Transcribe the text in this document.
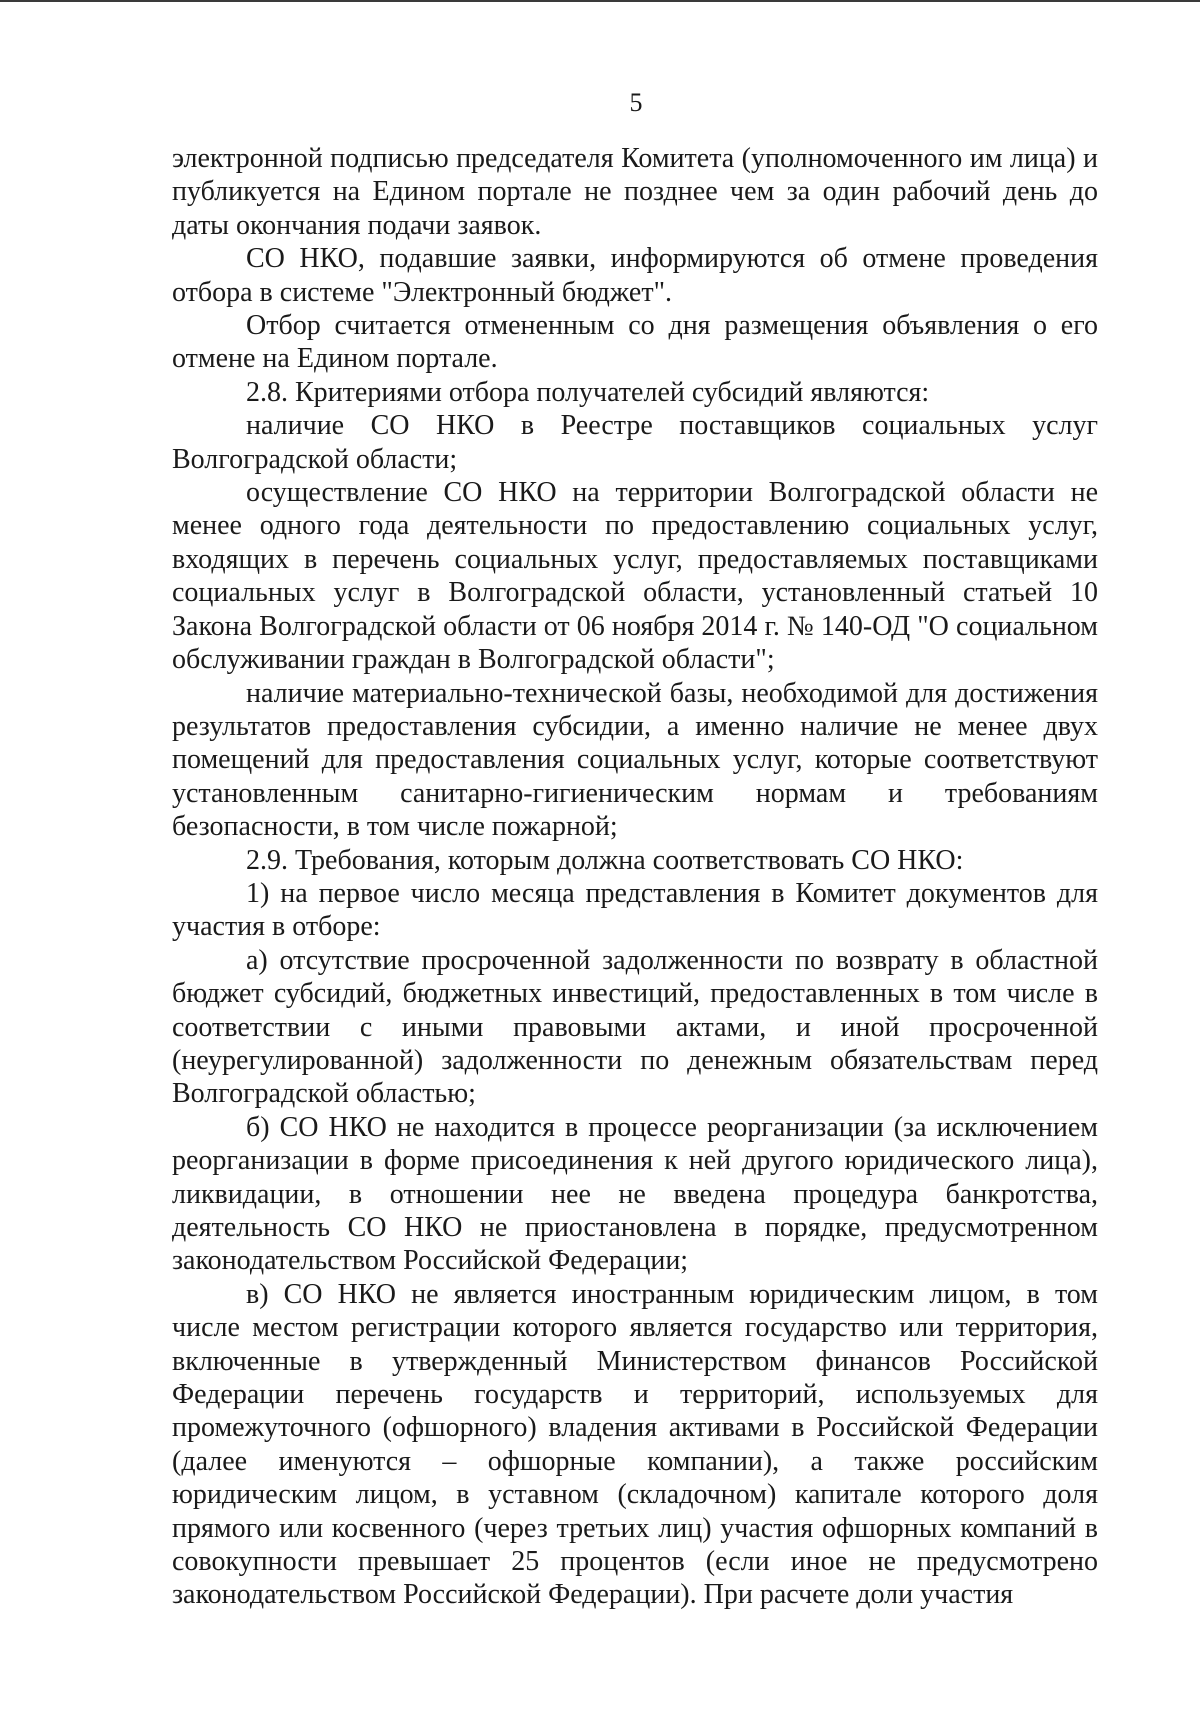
5

электронной подписью председателя Комитета (уполномоченного им лица) и публикуется на Едином портале не позднее чем за один рабочий день до даты окончания подачи заявок.

СО НКО, подавшие заявки, информируются об отмене проведения отбора в системе "Электронный бюджет".

Отбор считается отмененным со дня размещения объявления о его отмене на Едином портале.

2.8. Критериями отбора получателей субсидий являются:

наличие СО НКО в Реестре поставщиков социальных услуг Волгоградской области;

осуществление СО НКО на территории Волгоградской области не менее одного года деятельности по предоставлению социальных услуг, входящих в перечень социальных услуг, предоставляемых поставщиками социальных услуг в Волгоградской области, установленный статьей 10 Закона Волгоградской области от 06 ноября 2014 г. № 140-ОД "О социальном обслуживании граждан в Волгоградской области";

наличие материально-технической базы, необходимой для достижения результатов предоставления субсидии, а именно наличие не менее двух помещений для предоставления социальных услуг, которые соответствуют установленным санитарно-гигиеническим нормам и требованиям безопасности, в том числе пожарной;

2.9. Требования, которым должна соответствовать СО НКО:

1) на первое число месяца представления в Комитет документов для участия в отборе:

а) отсутствие просроченной задолженности по возврату в областной бюджет субсидий, бюджетных инвестиций, предоставленных в том числе в соответствии с иными правовыми актами, и иной просроченной (неурегулированной) задолженности по денежным обязательствам перед Волгоградской областью;

б) СО НКО не находится в процессе реорганизации (за исключением реорганизации в форме присоединения к ней другого юридического лица), ликвидации, в отношении нее не введена процедура банкротства, деятельность СО НКО не приостановлена в порядке, предусмотренном законодательством Российской Федерации;

в) СО НКО не является иностранным юридическим лицом, в том числе местом регистрации которого является государство или территория, включенные в утвержденный Министерством финансов Российской Федерации перечень государств и территорий, используемых для промежуточного (офшорного) владения активами в Российской Федерации (далее именуются – офшорные компании), а также российским юридическим лицом, в уставном (складочном) капитале которого доля прямого или косвенного (через третьих лиц) участия офшорных компаний в совокупности превышает 25 процентов (если иное не предусмотрено законодательством Российской Федерации). При расчете доли участия
